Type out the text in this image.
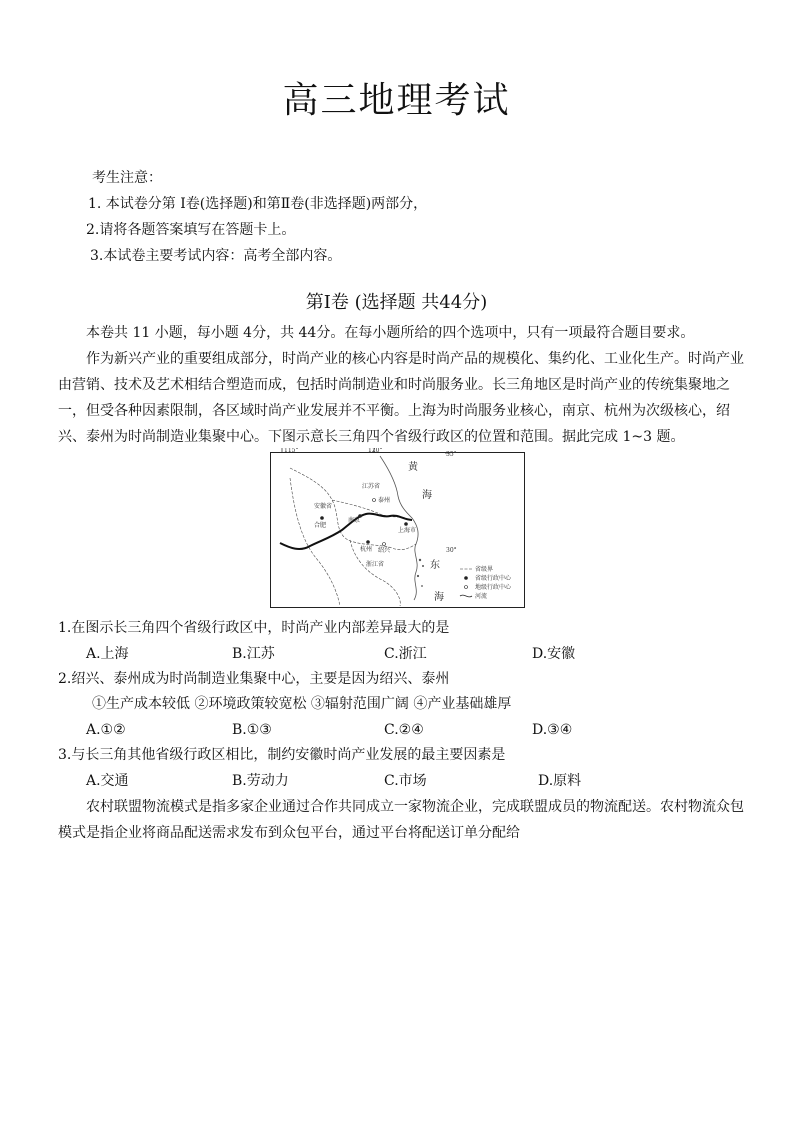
高三地理考试
考生注意：
1. 本试卷分第 Ⅰ卷(选择题)和第Ⅱ卷(非选择题)两部分，
2.请将各题答案填写在答题卡上。
3.本试卷主要考试内容：高考全部内容。
第Ⅰ卷 (选择题 共44分)
本卷共 11 小题，每小题 4分，共 44分。在每小题所给的四个选项中，只有一项最符合题目要求。
作为新兴产业的重要组成部分，时尚产业的核心内容是时尚产品的规模化、集约化、工业化生产。时尚产业由营销、技术及艺术相结合塑造而成，包括时尚制造业和时尚服务业。长三角地区是时尚产业的传统集聚地之一，但受各种因素限制，各区域时尚产业发展并不平衡。上海为时尚服务业核心，南京、杭州为次级核心，绍兴、泰州为时尚制造业集聚中心。下图示意长三角四个省级行政区的位置和范围。据此完成 1~3 题。
115°	120°
35°
30°
黄
海
东
海
江苏省
安徽省
浙江省
泰州
南京
合肥
杭州 绍兴
上海市
省级界
省级行政中心
地级行政中心
河流
1.在图示长三角四个省级行政区中，时尚产业内部差异最大的是
A.上海	B.江苏	C.浙江	D.安徽
2.绍兴、泰州成为时尚制造业集聚中心，主要是因为绍兴、泰州
①生产成本较低 ②环境政策较宽松 ③辐射范围广阔 ④产业基础雄厚
A.①②	B.①③	C.②④	D.③④
3.与长三角其他省级行政区相比，制约安徽时尚产业发展的最主要因素是
A.交通	B.劳动力	C.市场	D.原料
农村联盟物流模式是指多家企业通过合作共同成立一家物流企业，完成联盟成员的物流配送。农村物流众包模式是指企业将商品配送需求发布到众包平台，通过平台将配送订单分配给
